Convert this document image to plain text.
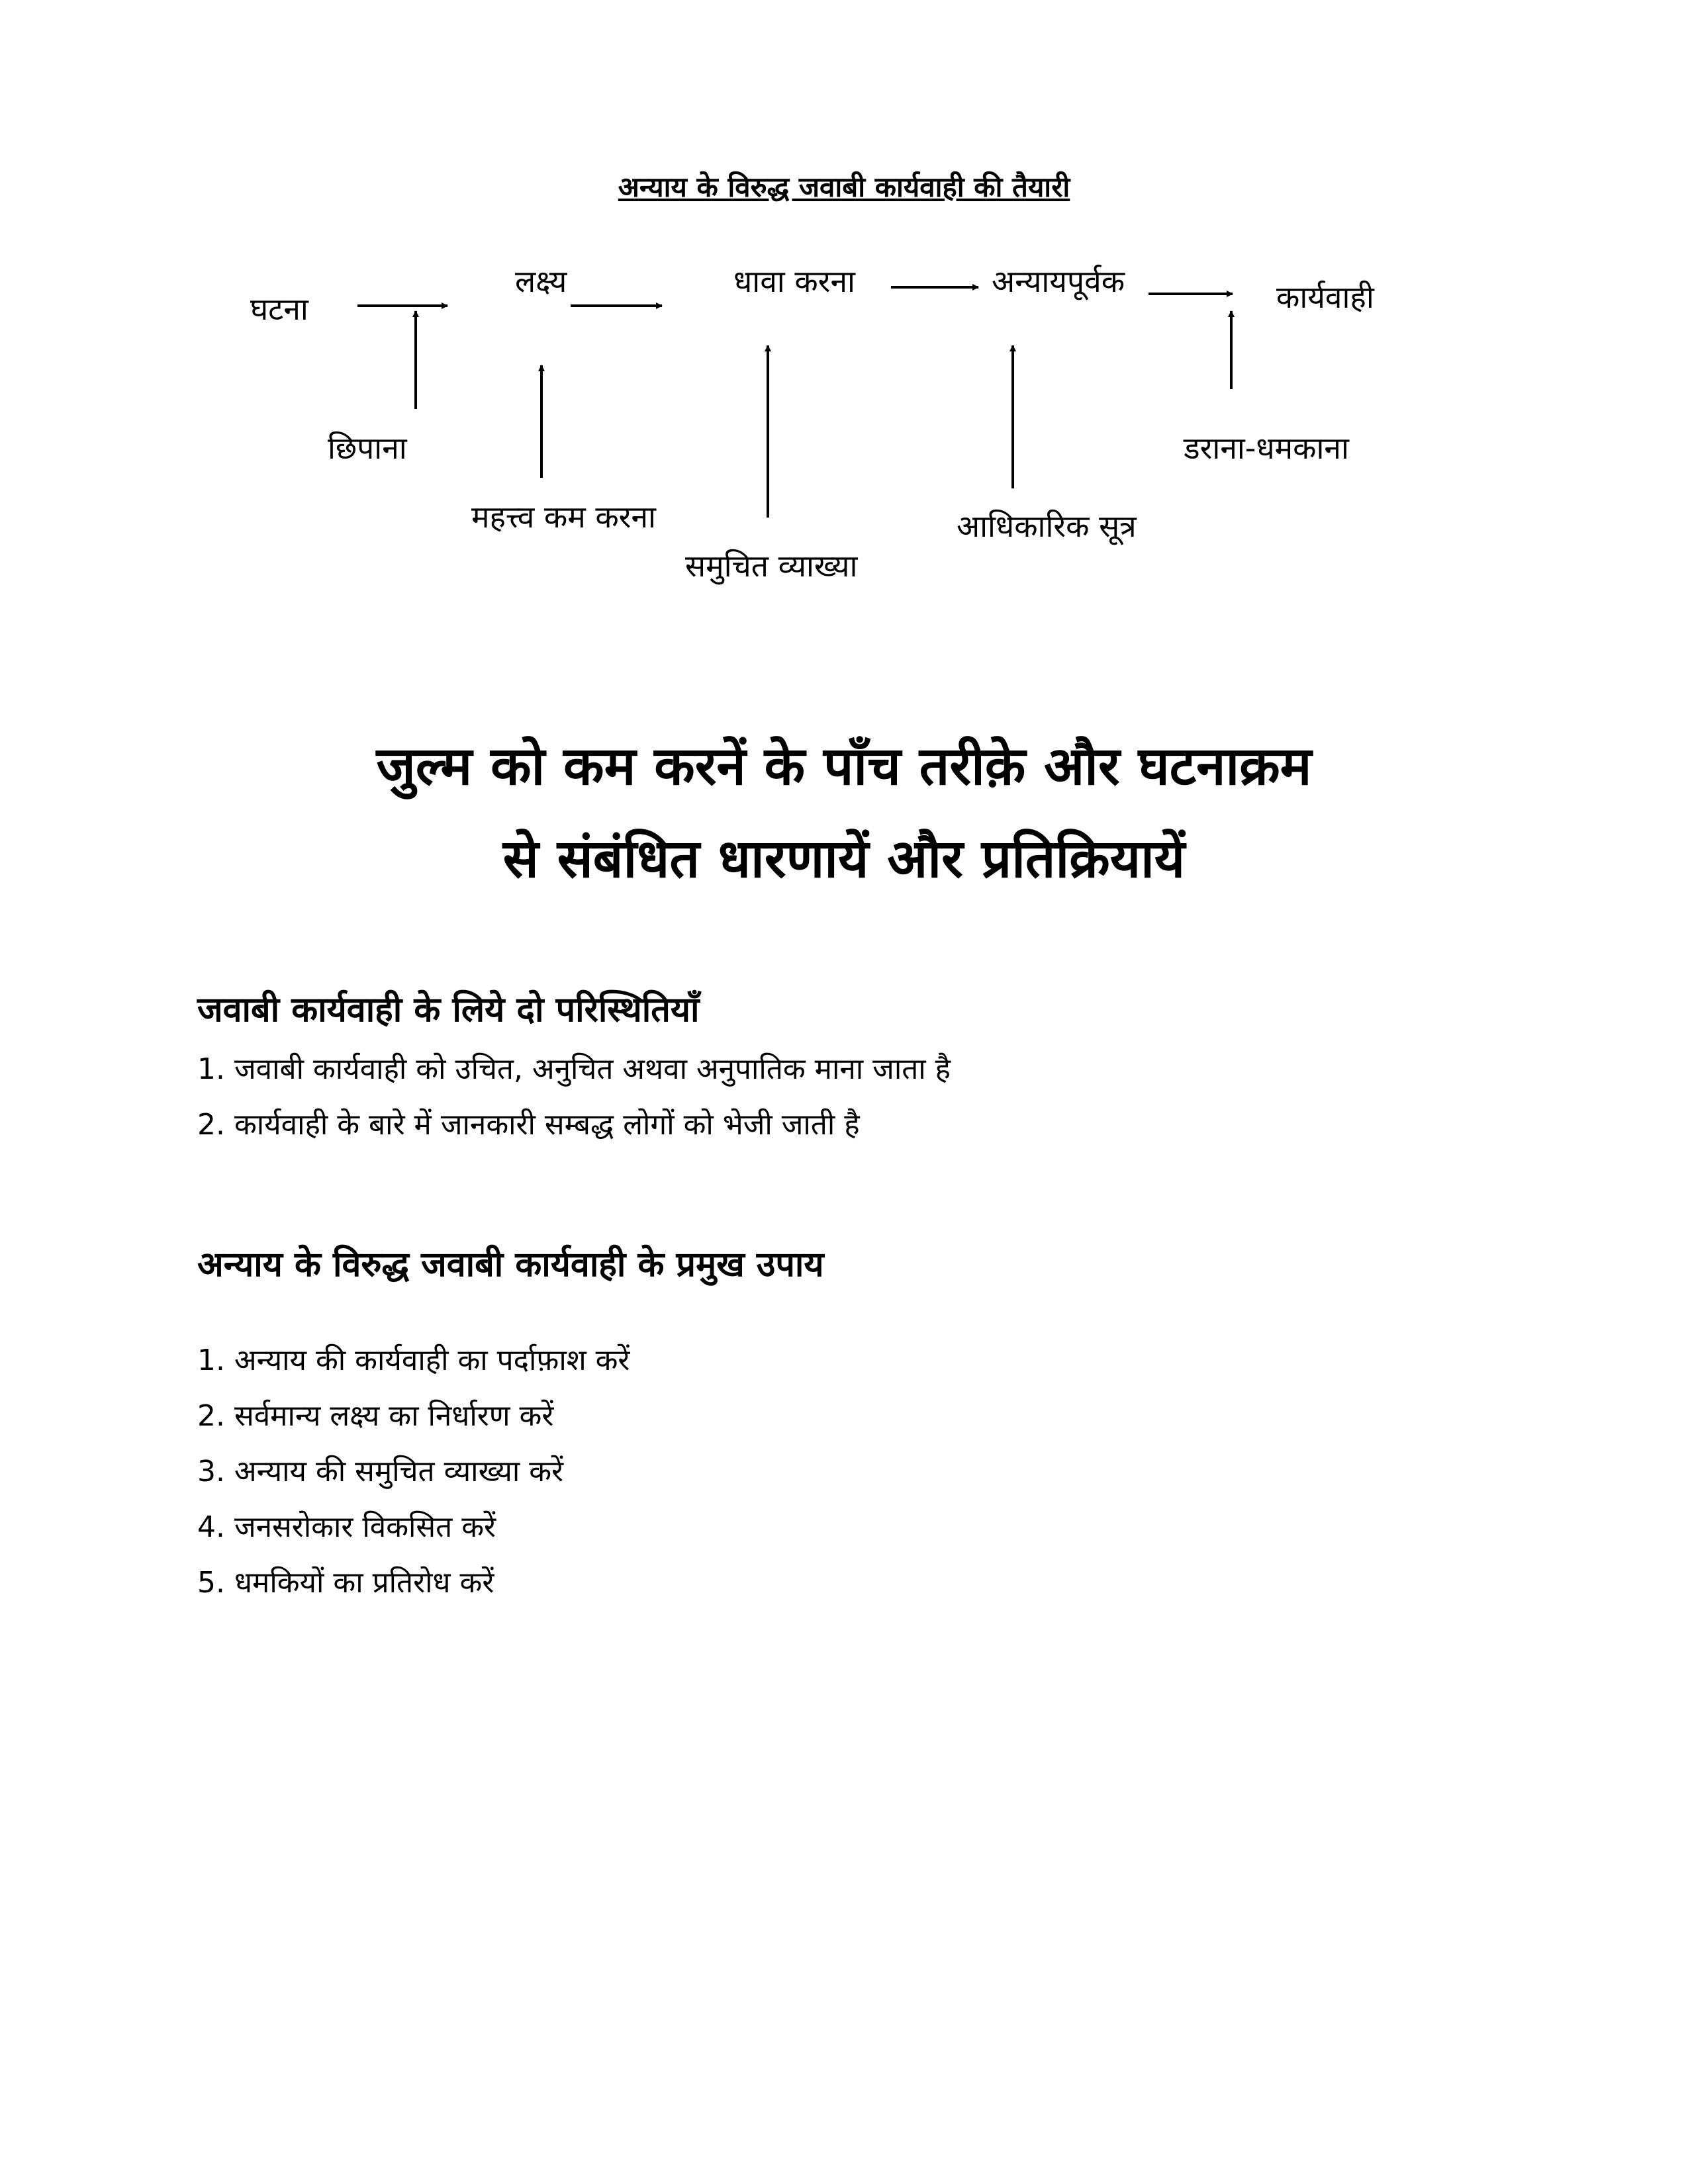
अन्याय के विरुद्ध जवाबी कार्यवाही की तैयारी
घटना
लक्ष्य	धावा करना	अन्यायपूर्वक	कार्यवाही
छिपाना
महत्त्व कम करना
समुचित व्याख्या
आधिकारिक सूत्र
डराना-धमकाना
जुल्म को कम करनें के पाँच तरीक़े और घटनाक्रम
से संबंधित धारणायें और प्रतिक्रियायें
जवाबी कार्यवाही के लिये दो परिस्थितियाँ
1. जवाबी कार्यवाही को उचित, अनुचित अथवा अनुपातिक माना जाता है
2. कार्यवाही के बारे में जानकारी सम्बद्ध लोगों को भेजी जाती है
अन्याय के विरुद्ध जवाबी कार्यवाही के प्रमुख उपाय
1. अन्याय की कार्यवाही का पर्दाफ़ाश करें
2. सर्वमान्य लक्ष्य का निर्धारण करें
3. अन्याय की समुचित व्याख्या करें
4. जनसरोकार विकसित करें
5. धमकियों का प्रतिरोध करें
